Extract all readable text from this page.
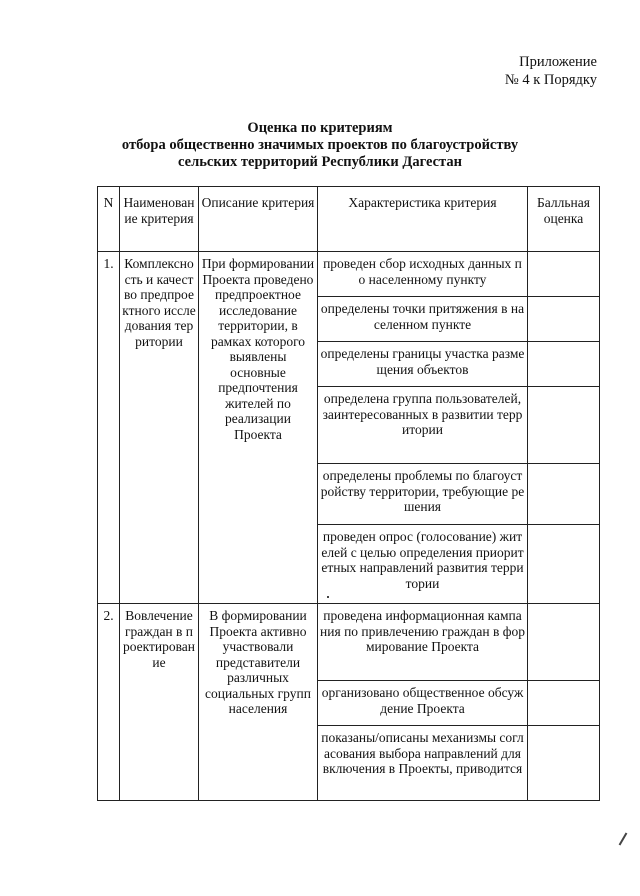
Приложение
№ 4 к Порядку
Оценка по критериям
отбора общественно значимых проектов по благоустройству
сельских территорий Республики Дагестан
N	Наименование критерия	Описание критерия	Характеристика критерия	Балльная оценка
1.	Комплексность и качество предпроектного исследования территории	При формировании Проекта проведено предпроектное исследование территории, в рамках которого выявлены основные предпочтения жителей по реализации Проекта	проведен сбор исходных данных по населенному пункту	
			определены точки притяжения в населенном пункте	
			определены границы участка размещения объектов	
			определена группа пользователей, заинтересованных в развитии территории	
			определены проблемы по благоустройству территории, требующие решения	
			проведен опрос (голосование) жителей с целью определения приоритетных направлений развития территории	
2.	Вовлечение граждан в проектирование	В формировании Проекта активно участвовали представители различных социальных групп населения	проведена информационная кампания по привлечению граждан в формирование Проекта	
			организовано общественное обсуждение Проекта	
			показаны/описаны механизмы согласования выбора направлений для включения в Проекты, приводится	
